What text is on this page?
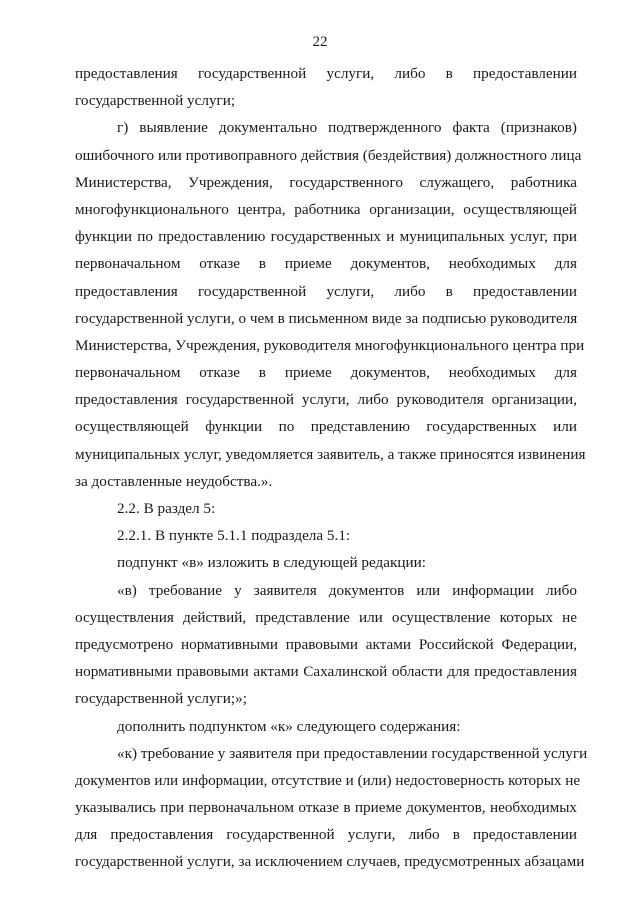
22
предоставления государственной услуги, либо в предоставлении
государственной услуги;
г) выявление документально подтвержденного факта (признаков)
ошибочного или противоправного действия (бездействия) должностного лица
Министерства, Учреждения, государственного служащего, работника
многофункционального центра, работника организации, осуществляющей
функции по предоставлению государственных и муниципальных услуг, при
первоначальном отказе в приеме документов, необходимых для
предоставления государственной услуги, либо в предоставлении
государственной услуги, о чем в письменном виде за подписью руководителя
Министерства, Учреждения, руководителя многофункционального центра при
первоначальном отказе в приеме документов, необходимых для
предоставления государственной услуги, либо руководителя организации,
осуществляющей функции по представлению государственных или
муниципальных услуг, уведомляется заявитель, а также приносятся извинения
за доставленные неудобства.».
2.2. В раздел 5:
2.2.1. В пункте 5.1.1 подраздела 5.1:
подпункт «в» изложить в следующей редакции:
«в) требование у заявителя документов или информации либо
осуществления действий, представление или осуществление которых не
предусмотрено нормативными правовыми актами Российской Федерации,
нормативными правовыми актами Сахалинской области для предоставления
государственной услуги;»;
дополнить подпунктом «к» следующего содержания:
«к) требование у заявителя при предоставлении государственной услуги
документов или информации, отсутствие и (или) недостоверность которых не
указывались при первоначальном отказе в приеме документов, необходимых
для предоставления государственной услуги, либо в предоставлении
государственной услуги, за исключением случаев, предусмотренных абзацами
